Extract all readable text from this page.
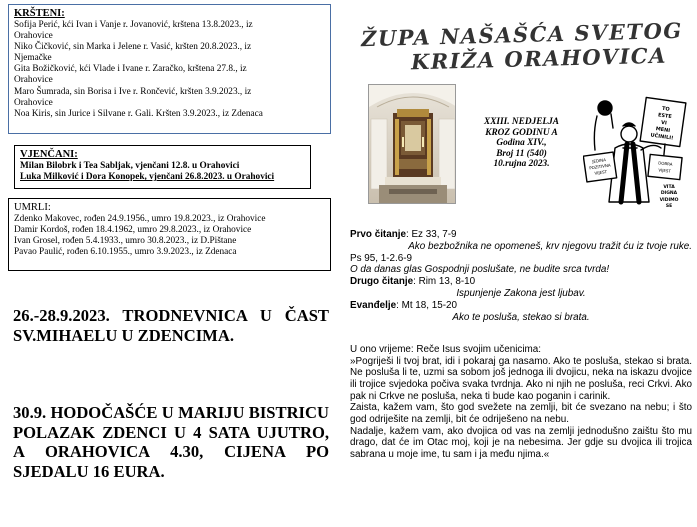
KRŠTENI:
Sofija Perić, kći Ivan i Vanje r. Jovanović, krštena 13.8.2023., iz
Orahovice
Niko Čičković, sin Marka i Jelene r. Vasić, kršten 20.8.2023., iz
Njemačke
Gita Božičković, kći Vlade i Ivane r. Zaračko, krštena 27.8., iz
Orahovice
Maro Šumrada, sin Borisa i Ive r. Rončević, kršten 3.9.2023., iz
Orahovice
Noa Kiris, sin Jurice i Silvane r. Gali. Kršten 3.9.2023., iz Zdenaca
VJENČANI:
Milan Bilobrk i Tea Sabljak, vjenčani 12.8. u Orahovici
Luka Milković i Dora Konopek, vjenčani 26.8.2023. u Orahovici
UMRLI:
Zdenko Makovec, rođen 24.9.1956., umro 19.8.2023., iz Orahovice
Damir Kordoš, rođen 18.4.1962, umro 29.8.2023., iz Orahovice
Ivan Grosel, rođen 5.4.1933., umro 30.8.2023., iz D.Pištane
Pavao Paulić, rođen 6.10.1955., umro 3.9.2023., iz Zdenaca
26.-28.9.2023. TRODNEVNICA U ČAST SV.MIHAELU U ZDENCIMA.
30.9. HODOČAŠĆE U MARIJU BISTRICU POLAZAK ZDENCI U 4 SATA UJUTRO, A ORAHOVICA 4.30, CIJENA PO SJEDALU 16 EURA.
ŽUPA NAŠAŠĆA SVETOG
KRIŽA ORAHOVICA
XXIII. NEDJELJA
KROZ GODINU A
Godina XIV.,
Broj 11 (540)
10.rujna 2023.
TO
ESTE
VI
MENI
UČINILI!
JEDINA
POZITIVNA
VIJEST
DOBRA
VIJEST
VITA
DIGNA
VIDIMO
SE
Prvo čitanje: Ez 33, 7-9
Ako bezbožnika ne opomeneš, krv njegovu tražit ću iz tvoje ruke.
Ps 95, 1-2.6-9
O da danas glas Gospodnji poslušate, ne budite srca tvrda!
Drugo čitanje: Rim 13, 8-10
Ispunjenje Zakona jest ljubav.
Evanđelje: Mt 18, 15-20
Ako te posluša, stekao si brata.

U ono vrijeme: Reče Isus svojim učenicima:

»Pogriješi li tvoj brat, idi i pokaraj ga nasamo. Ako te posluša, stekao si brata. Ne posluša li te, uzmi sa sobom još jednoga ili dvojicu, neka na iskazu dvojice ili trojice svjedoka počiva svaka tvrdnja. Ako ni njih ne posluša, reci Crkvi. Ako pak ni Crkve ne posluša, neka ti bude kao poganin i carinik.

Zaista, kažem vam, što god svežete na zemlji, bit će svezano na nebu; i što god odriješite na zemlji, bit će odriješeno na nebu.

Nadalje, kažem vam, ako dvojica od vas na zemlji jednodušno zaištu što mu drago, dat će im Otac moj, koji je na nebesima. Jer gdje su dvojica ili trojica sabrana u moje ime, tu sam i ja među njima.«
